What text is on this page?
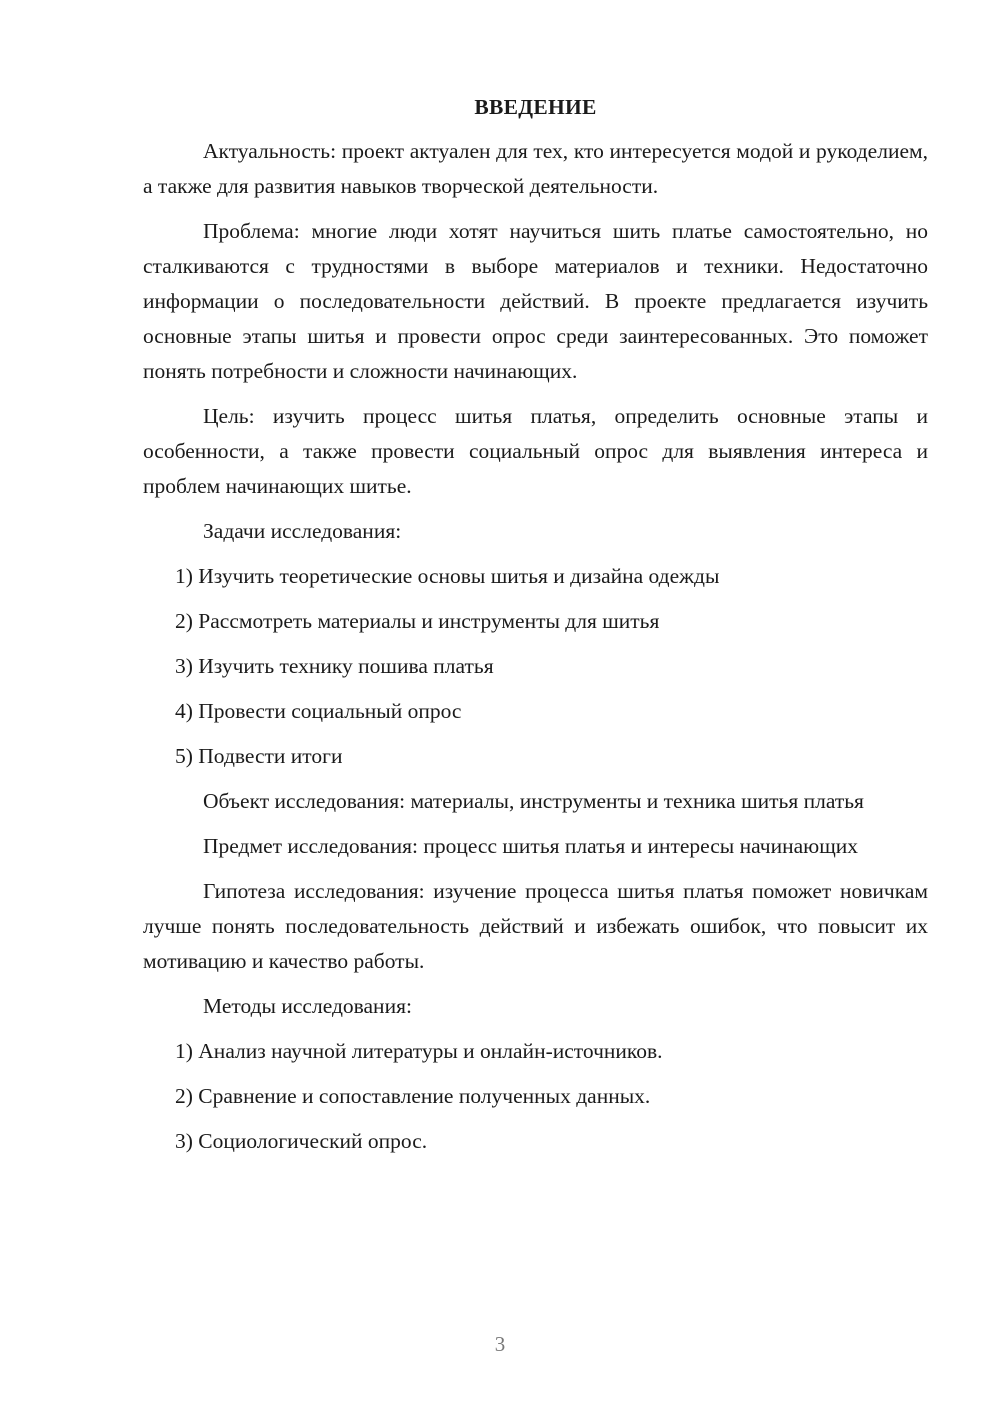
ВВЕДЕНИЕ
Актуальность: проект актуален для тех, кто интересуется модой и рукоделием, а также для развития навыков творческой деятельности.
Проблема: многие люди хотят научиться шить платье самостоятельно, но сталкиваются с трудностями в выборе материалов и техники. Недостаточно информации о последовательности действий. В проекте предлагается изучить основные этапы шитья и провести опрос среди заинтересованных. Это поможет понять потребности и сложности начинающих.
Цель: изучить процесс шитья платья, определить основные этапы и особенности, а также провести социальный опрос для выявления интереса и проблем начинающих шитье.
Задачи исследования:
1) Изучить теоретические основы шитья и дизайна одежды
2) Рассмотреть материалы и инструменты для шитья
3) Изучить технику пошива платья
4) Провести социальный опрос
5) Подвести итоги
Объект исследования: материалы, инструменты и техника шитья платья
Предмет исследования: процесс шитья платья и интересы начинающих
Гипотеза исследования: изучение процесса шитья платья поможет новичкам лучше понять последовательность действий и избежать ошибок, что повысит их мотивацию и качество работы.
Методы исследования:
1) Анализ научной литературы и онлайн-источников.
2) Сравнение и сопоставление полученных данных.
3) Социологический опрос.
3
